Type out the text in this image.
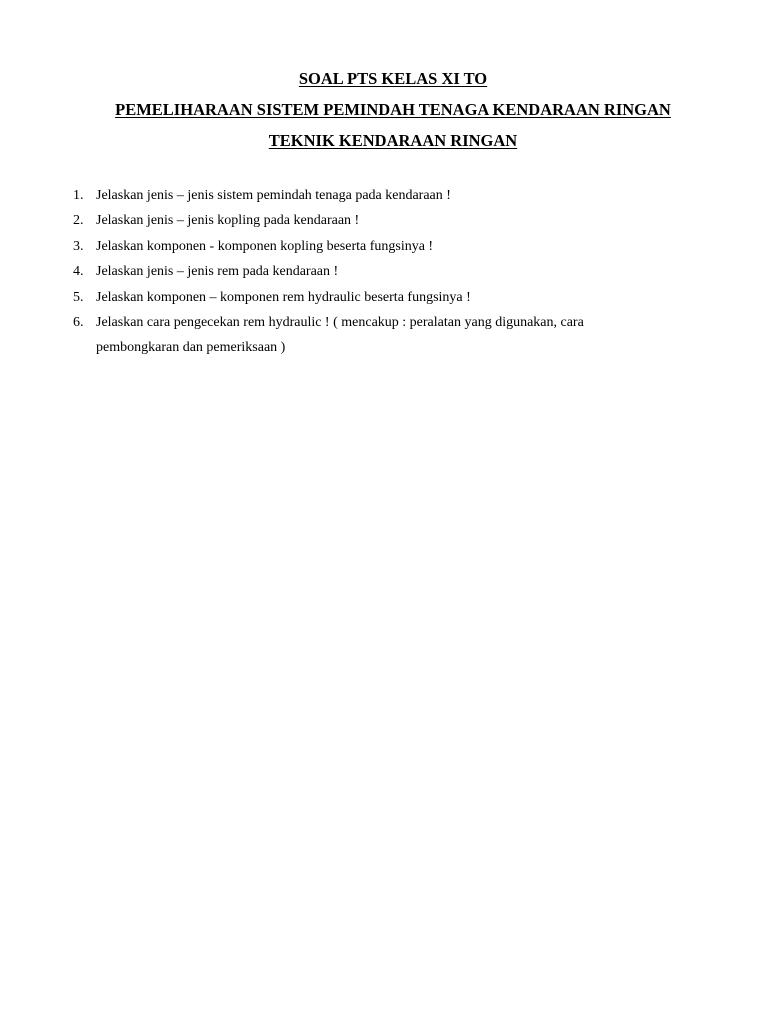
SOAL PTS KELAS XI TO
PEMELIHARAAN SISTEM PEMINDAH TENAGA KENDARAAN RINGAN
TEKNIK KENDARAAN RINGAN
1. Jelaskan jenis – jenis sistem pemindah tenaga pada kendaraan !
2. Jelaskan jenis – jenis kopling pada kendaraan !
3. Jelaskan komponen - komponen kopling beserta fungsinya !
4. Jelaskan jenis – jenis rem pada kendaraan !
5. Jelaskan komponen – komponen rem hydraulic beserta fungsinya !
6. Jelaskan cara pengecekan rem hydraulic ! ( mencakup : peralatan yang digunakan, cara pembongkaran dan pemeriksaan )
